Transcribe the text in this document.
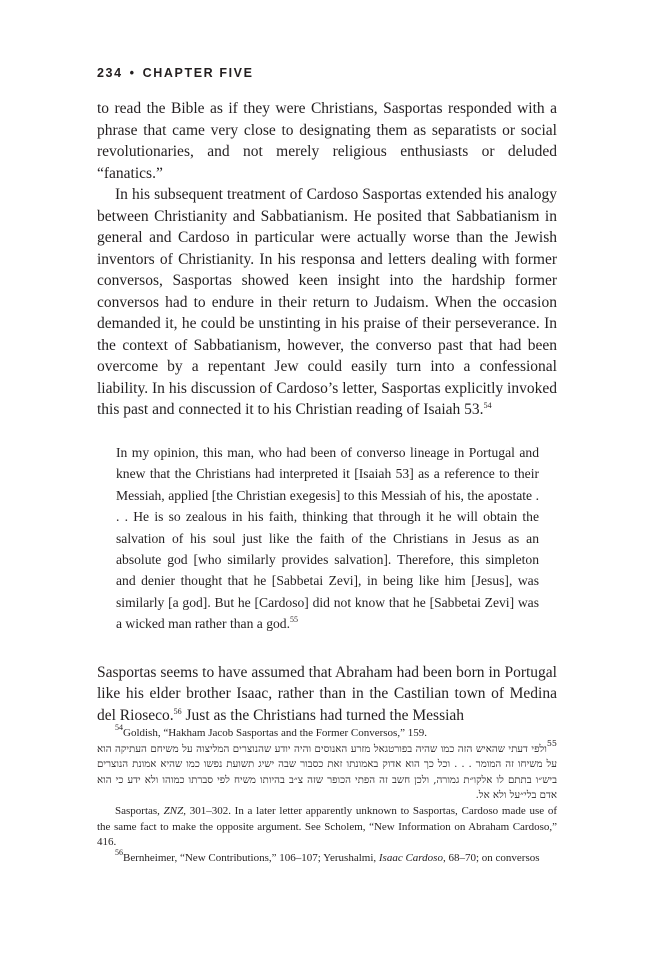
234 • CHAPTER FIVE

to read the Bible as if they were Christians, Sasportas responded with a phrase that came very close to designating them as separatists or social revolutionaries, and not merely religious enthusiasts or deluded “fanatics.”

In his subsequent treatment of Cardoso Sasportas extended his analogy between Christianity and Sabbatianism. He posited that Sabbatianism in general and Cardoso in particular were actually worse than the Jewish inventors of Christianity. In his responsa and letters dealing with former conversos, Sasportas showed keen insight into the hardship former conversos had to endure in their return to Judaism. When the occasion demanded it, he could be unstinting in his praise of their perseverance. In the context of Sabbatianism, however, the converso past that had been overcome by a repentant Jew could easily turn into a confessional liability. In his discussion of Cardoso’s letter, Sasportas explicitly invoked this past and connected it to his Christian reading of Isaiah 53.54

In my opinion, this man, who had been of converso lineage in Portugal and knew that the Christians had interpreted it [Isaiah 53] as a reference to their Messiah, applied [the Christian exegesis] to this Messiah of his, the apostate . . . He is so zealous in his faith, thinking that through it he will obtain the salvation of his soul just like the faith of the Christians in Jesus as an absolute god [who similarly provides salvation]. Therefore, this simpleton and denier thought that he [Sabbetai Zevi], in being like him [Jesus], was similarly [a god]. But he [Cardoso] did not know that he [Sabbetai Zevi] was a wicked man rather than a god.$^{55}$

Sasportas seems to have assumed that Abraham had been born in Portugal like his elder brother Isaac, rather than in the Castilian town of Medina del Rioseco.$^{56}$ Just as the Christians had turned the Messiah

$^{54}$Goldish, “Hakham Jacob Sasportas and the Former Conversos,” 159.

$^{55}$ולפי דעתי שהאיש הזה כמו שהיה בפורטגאל מזרע האנוסים והיה יודע שהנוצרים המליצוה על משיחם העתיקה הוא על משיחו זה המומר . . . וכל כך הוא אדוק באמונתו זאת כסבור שבה ישיג תשועת נפשו כמו שהיא אמונת הנוצרים ביש״ו בתתם לו אלקו״ת גמורה, ולכן חשב זה הפתי הכופר שזה צ״ב בהיותו משיח לפי סברתו כמוהו ולא ידע כי הוא אדם בלי״על ולא אל.

Sasportas, ZNZ, 301–302. In a later letter apparently unknown to Sasportas, Cardoso made use of the same fact to make the opposite argument. See Scholem, “New Information on Abraham Cardoso,” 416.

$^{56}$Bernheimer, “New Contributions,” 106–107; Yerushalmi, Isaac Cardoso, 68–70; on conversos
